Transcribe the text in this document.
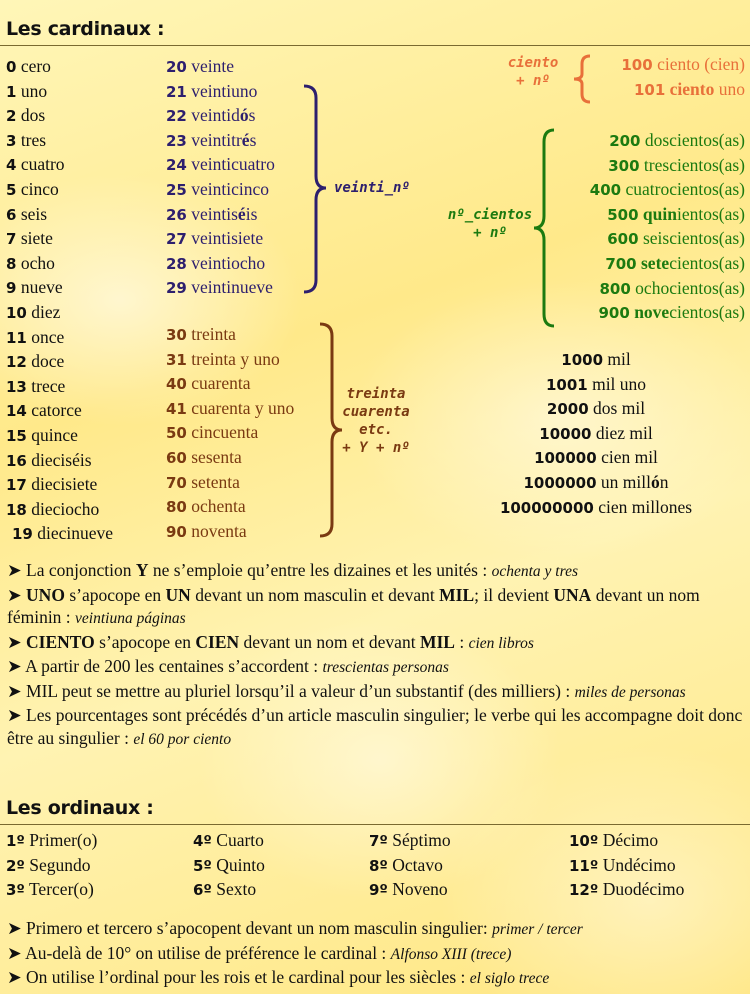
Les cardinaux :
0 cero
1 uno
2 dos
3 tres
4 cuatro
5 cinco
6 seis
7 siete
8 ocho
9 nueve
10 diez
11 once
12 doce
13 trece
14 catorce
15 quince
16 dieciséis
17 diecisiete
18 dieciocho
19 diecinueve
20 veinte
21 veintiuno
22 veintidós
23 veintitrés
24 veinticuatro
25 veinticinco
26 veintiséis
27 veintisiete
28 veintiocho
29 veintinueve
30 treinta
31 treinta y uno
40 cuarenta
41 cuarenta y uno
50 cincuenta
60 sesenta
70 setenta
80 ochenta
90 noventa
veinti_nº
treinta
cuarenta
etc.
+ Y + nº
ciento
+ nº
100 ciento (cien)
101 ciento uno
nº_cientos
+ nº
200 doscientos(as)
300 trescientos(as)
400 cuatrocientos(as)
500 quinientos(as)
600 seiscientos(as)
700 setecientos(as)
800 ochocientos(as)
900 novecientos(as)
1000 mil
1001 mil uno
2000 dos mil
10000 diez mil
100000 cien mil
1000000 un millón
100000000 cien millones

➤ La conjonction Y ne s’emploie qu’entre les dizaines et les unités : ochenta y tres

➤ UNO s’apocope en UN devant un nom masculin et devant MIL; il devient UNA devant un nom féminin : veintiuna páginas

➤ CIENTO s’apocope en CIEN devant un nom et devant MIL : cien libros

➤ A partir de 200 les centaines s’accordent : trescientas personas

➤ MIL peut se mettre au pluriel lorsqu’il a valeur d’un substantif (des milliers) : miles de personas

➤ Les pourcentages sont précédés d’un article masculin singulier; le verbe qui les accompagne doit donc être au singulier : el 60 por ciento

Les ordinaux :
1º Primer(o)
2º Segundo
3º Tercer(o)
4º Cuarto
5º Quinto
6º Sexto
7º Séptimo
8º Octavo
9º Noveno
10º Décimo
11º Undécimo
12º Duodécimo

➤ Primero et tercero s’apocopent devant un nom masculin singulier: primer / tercer

➤ Au-delà de 10° on utilise de préférence le cardinal : Alfonso XIII (trece)

➤ On utilise l’ordinal pour les rois et le cardinal pour les siècles : el siglo trece
